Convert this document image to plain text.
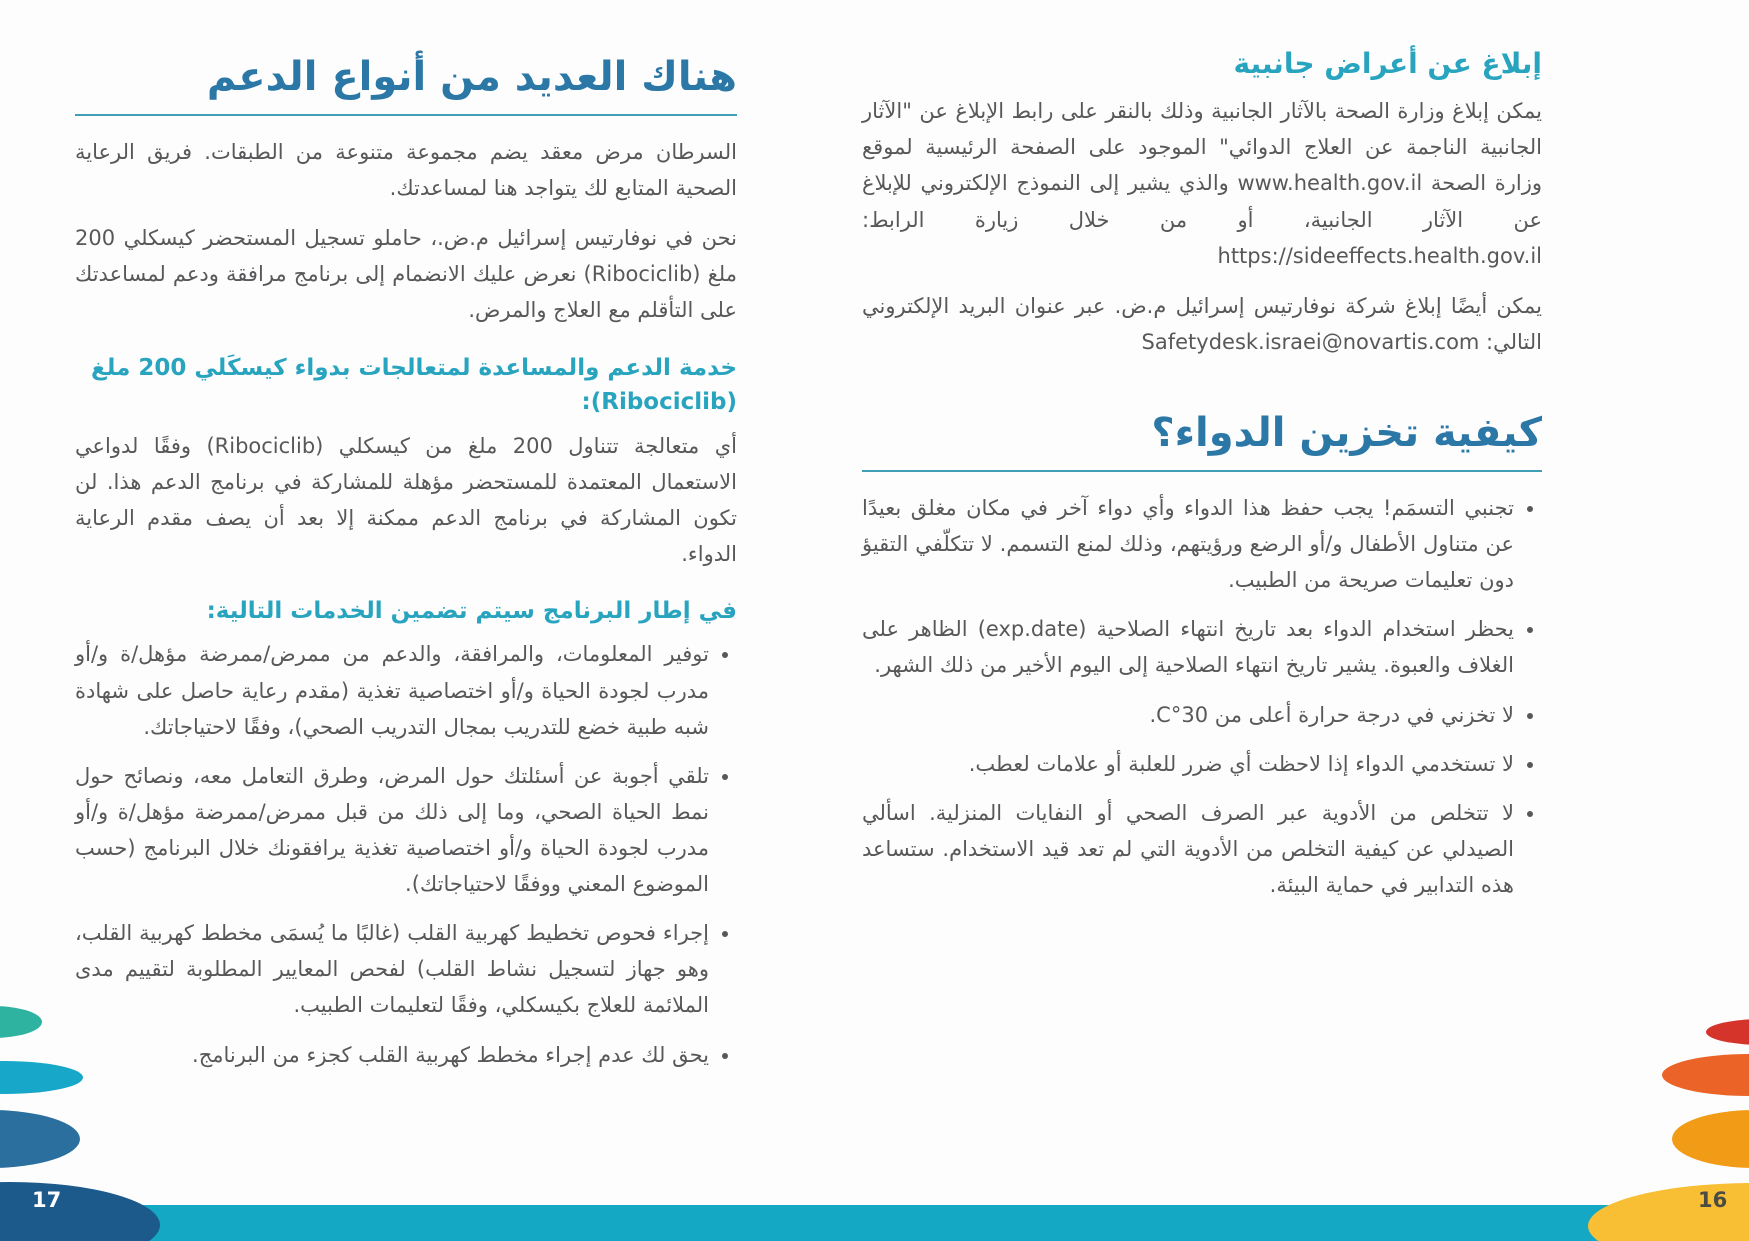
هناك العديد من أنواع الدعم

السرطان مرض معقد يضم مجموعة متنوعة من الطبقات. فريق الرعاية الصحية المتابع لك يتواجد هنا لمساعدتك.

نحن في نوفارتيس إسرائيل م.ض.، حاملو تسجيل المستحضر كيسكلي 200 ملغ (Ribociclib) نعرض عليك الانضمام إلى برنامج مرافقة ودعم لمساعدتك على التأقلم مع العلاج والمرض.

خدمة الدعم والمساعدة لمتعالجات بدواء كيسكَلي 200 ملغ (Ribociclib):

أي متعالجة تتناول 200 ملغ من كيسكلي (Ribociclib) وفقًا لدواعي الاستعمال المعتمدة للمستحضر مؤهلة للمشاركة في برنامج الدعم هذا. لن تكون المشاركة في برنامج الدعم ممكنة إلا بعد أن يصف مقدم الرعاية الدواء.

في إطار البرنامج سيتم تضمين الخدمات التالية:
• توفير المعلومات، والمرافقة، والدعم من ممرض/ممرضة مؤهل/ة و/أو مدرب لجودة الحياة و/أو اختصاصية تغذية (مقدم رعاية حاصل على شهادة شبه طبية خضع للتدريب بمجال التدريب الصحي)، وفقًا لاحتياجاتك.
• تلقي أجوبة عن أسئلتك حول المرض، وطرق التعامل معه، ونصائح حول نمط الحياة الصحي، وما إلى ذلك من قبل ممرض/ممرضة مؤهل/ة و/أو مدرب لجودة الحياة و/أو اختصاصية تغذية يرافقونك خلال البرنامج (حسب الموضوع المعني ووفقًا لاحتياجاتك).
• إجراء فحوص تخطيط كهربية القلب (غالبًا ما يُسمَى مخطط كهربية القلب، وهو جهاز لتسجيل نشاط القلب) لفحص المعايير المطلوبة لتقييم مدى الملائمة للعلاج بكيسكلي، وفقًا لتعليمات الطبيب.
• يحق لك عدم إجراء مخطط كهربية القلب كجزء من البرنامج.
إبلاغ عن أعراض جانبية

يمكن إبلاغ وزارة الصحة بالآثار الجانبية وذلك بالنقر على رابط الإبلاغ عن "الآثار الجانبية الناجمة عن العلاج الدوائي" الموجود على الصفحة الرئيسية لموقع وزارة الصحة www.health.gov.il والذي يشير إلى النموذج الإلكتروني للإبلاغ عن الآثار الجانبية، أو من خلال زيارة الرابط: https://sideeffects.health.gov.il

يمكن أيضًا إبلاغ شركة نوفارتيس إسرائيل م.ض. عبر عنوان البريد الإلكتروني التالي: Safetydesk.israei@novartis.com

كيفية تخزين الدواء؟
• تجنبي التسمَم! يجب حفظ هذا الدواء وأي دواء آخر في مكان مغلق بعيدًا عن متناول الأطفال و/أو الرضع ورؤيتهم، وذلك لمنع التسمم. لا تتكلّفي التقيؤ دون تعليمات صريحة من الطبيب.
• يحظر استخدام الدواء بعد تاريخ انتهاء الصلاحية (exp.date) الظاهر على الغلاف والعبوة. يشير تاريخ انتهاء الصلاحية إلى اليوم الأخير من ذلك الشهر.
• لا تخزني في درجة حرارة أعلى من 30°C.
• لا تستخدمي الدواء إذا لاحظت أي ضرر للعلبة أو علامات لعطب.
• لا تتخلص من الأدوية عبر الصرف الصحي أو النفايات المنزلية. اسألي الصيدلي عن كيفية التخلص من الأدوية التي لم تعد قيد الاستخدام. ستساعد هذه التدابير في حماية البيئة.
17	16
